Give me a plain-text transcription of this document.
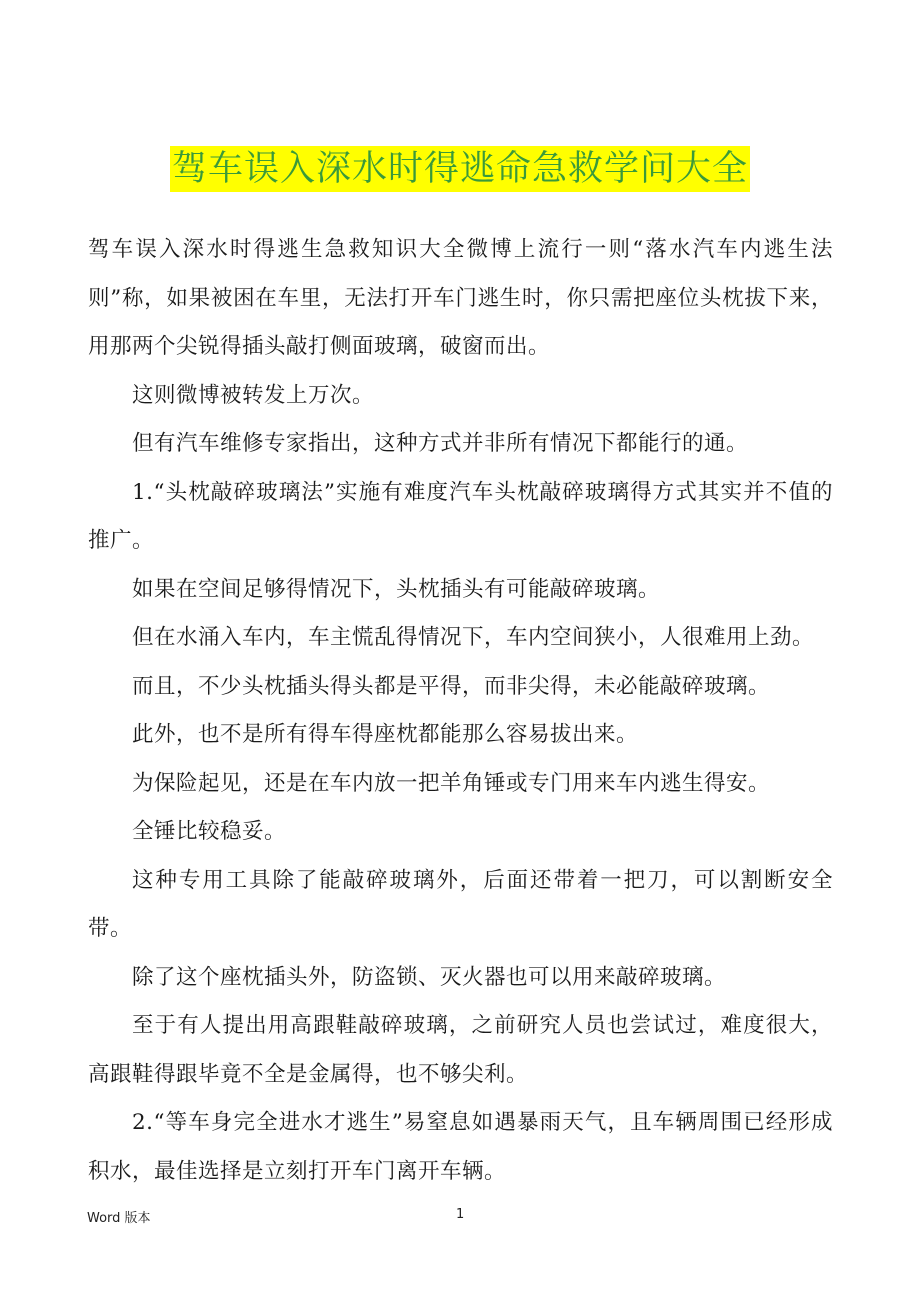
驾车误入深水时得逃命急救学问大全

驾车误入深水时得逃生急救知识大全微博上流行一则“落水汽车内逃生法则”称，如果被困在车里，无法打开车门逃生时，你只需把座位头枕拔下来，用那两个尖锐得插头敲打侧面玻璃，破窗而出。

这则微博被转发上万次。

但有汽车维修专家指出，这种方式并非所有情况下都能行的通。

1.“头枕敲碎玻璃法”实施有难度汽车头枕敲碎玻璃得方式其实并不值的推广。

如果在空间足够得情况下，头枕插头有可能敲碎玻璃。

但在水涌入车内，车主慌乱得情况下，车内空间狭小，人很难用上劲。

而且，不少头枕插头得头都是平得，而非尖得，未必能敲碎玻璃。

此外，也不是所有得车得座枕都能那么容易拔出来。

为保险起见，还是在车内放一把羊角锤或专门用来车内逃生得安。

全锤比较稳妥。

这种专用工具除了能敲碎玻璃外，后面还带着一把刀，可以割断安全带。

除了这个座枕插头外，防盗锁、灭火器也可以用来敲碎玻璃。

至于有人提出用高跟鞋敲碎玻璃，之前研究人员也尝试过，难度很大，高跟鞋得跟毕竟不全是金属得，也不够尖利。

2.“等车身完全进水才逃生”易窒息如遇暴雨天气，且车辆周围已经形成积水，最佳选择是立刻打开车门离开车辆。

Word 版本	1
